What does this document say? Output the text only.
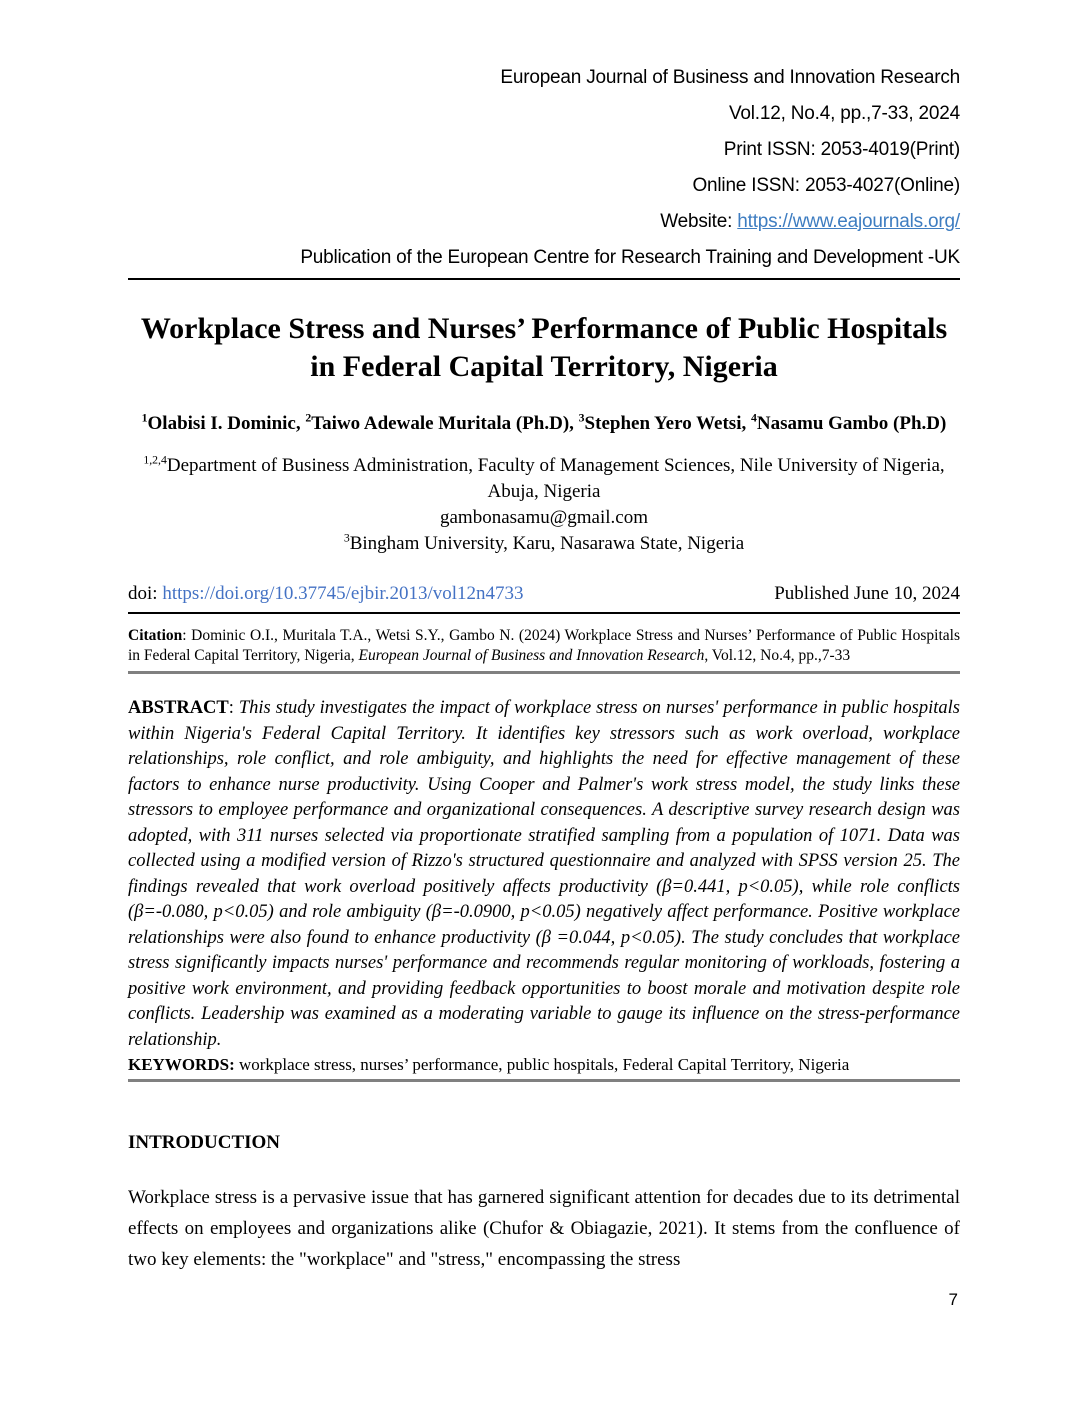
European Journal of Business and Innovation Research
Vol.12, No.4, pp.,7-33, 2024
Print ISSN: 2053-4019(Print)
Online ISSN: 2053-4027(Online)
Website: https://www.eajournals.org/
Publication of the European Centre for Research Training and Development -UK
Workplace Stress and Nurses’ Performance of Public Hospitals in Federal Capital Territory, Nigeria
$^1$Olabisi I. Dominic, $^2$Taiwo Adewale Muritala (Ph.D), $^3$Stephen Yero Wetsi, $^4$Nasamu Gambo (Ph.D)
$^{1,2,4}$Department of Business Administration, Faculty of Management Sciences, Nile University of Nigeria, Abuja, Nigeria
gambonasamu@gmail.com
$^3$Bingham University, Karu, Nasarawa State, Nigeria
doi: https://doi.org/10.37745/ejbir.2013/vol12n4733	Published June 10, 2024
Citation: Dominic O.I., Muritala T.A., Wetsi S.Y., Gambo N. (2024) Workplace Stress and Nurses’ Performance of Public Hospitals in Federal Capital Territory, Nigeria, European Journal of Business and Innovation Research, Vol.12, No.4, pp.,7-33
ABSTRACT: This study investigates the impact of workplace stress on nurses' performance in public hospitals within Nigeria's Federal Capital Territory. It identifies key stressors such as work overload, workplace relationships, role conflict, and role ambiguity, and highlights the need for effective management of these factors to enhance nurse productivity. Using Cooper and Palmer's work stress model, the study links these stressors to employee performance and organizational consequences. A descriptive survey research design was adopted, with 311 nurses selected via proportionate stratified sampling from a population of 1071. Data was collected using a modified version of Rizzo's structured questionnaire and analyzed with SPSS version 25. The findings revealed that work overload positively affects productivity (β=0.441, p<0.05), while role conflicts (β=-0.080, p<0.05) and role ambiguity (β=-0.0900, p<0.05) negatively affect performance. Positive workplace relationships were also found to enhance productivity (β =0.044, p<0.05). The study concludes that workplace stress significantly impacts nurses' performance and recommends regular monitoring of workloads, fostering a positive work environment, and providing feedback opportunities to boost morale and motivation despite role conflicts. Leadership was examined as a moderating variable to gauge its influence on the stress-performance relationship.
KEYWORDS: workplace stress, nurses’ performance, public hospitals, Federal Capital Territory, Nigeria
INTRODUCTION

Workplace stress is a pervasive issue that has garnered significant attention for decades due to its detrimental effects on employees and organizations alike (Chufor & Obiagazie, 2021). It stems from the confluence of two key elements: the "workplace" and "stress," encompassing the stress

7
